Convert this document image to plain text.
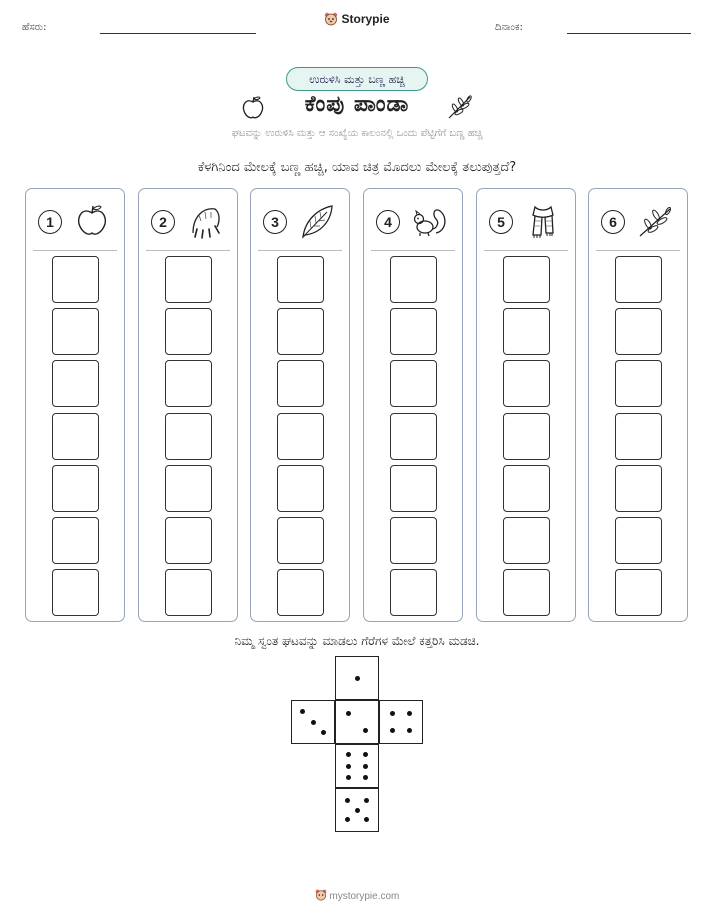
ಹೆಸರು:
Storypie
ದಿನಾಂಕ:
ಉರುಳಿಸಿ ಮತ್ತು ಬಣ್ಣ ಹಚ್ಚಿ
ಕೆಂಪು ಪಾಂಡಾ
ಘಟವನ್ನು ಉರುಳಿಸಿ ಮತ್ತು ಆ ಸಂಖ್ಯೆಯ ಕಾಲಂನಲ್ಲಿ ಒಂದು ಪೆಟ್ಟಿಗೆಗೆ ಬಣ್ಣ ಹಚ್ಚಿ
ಕೆಳಗಿನಿಂದ ಮೇಲಕ್ಕೆ ಬಣ್ಣ ಹಚ್ಚಿ, ಯಾವ ಚಿತ್ರ ಮೊದಲು ಮೇಲಕ್ಕೆ ತಲುಪುತ್ತದೆ?
1	2	3	4	5	6
ನಿಮ್ಮ ಸ್ವಂತ ಘಟವನ್ನು ಮಾಡಲು ಗೆರೆಗಳ ಮೇಲೆ ಕತ್ತರಿಸಿ ಮಡಚಿ.
mystorypie.com
